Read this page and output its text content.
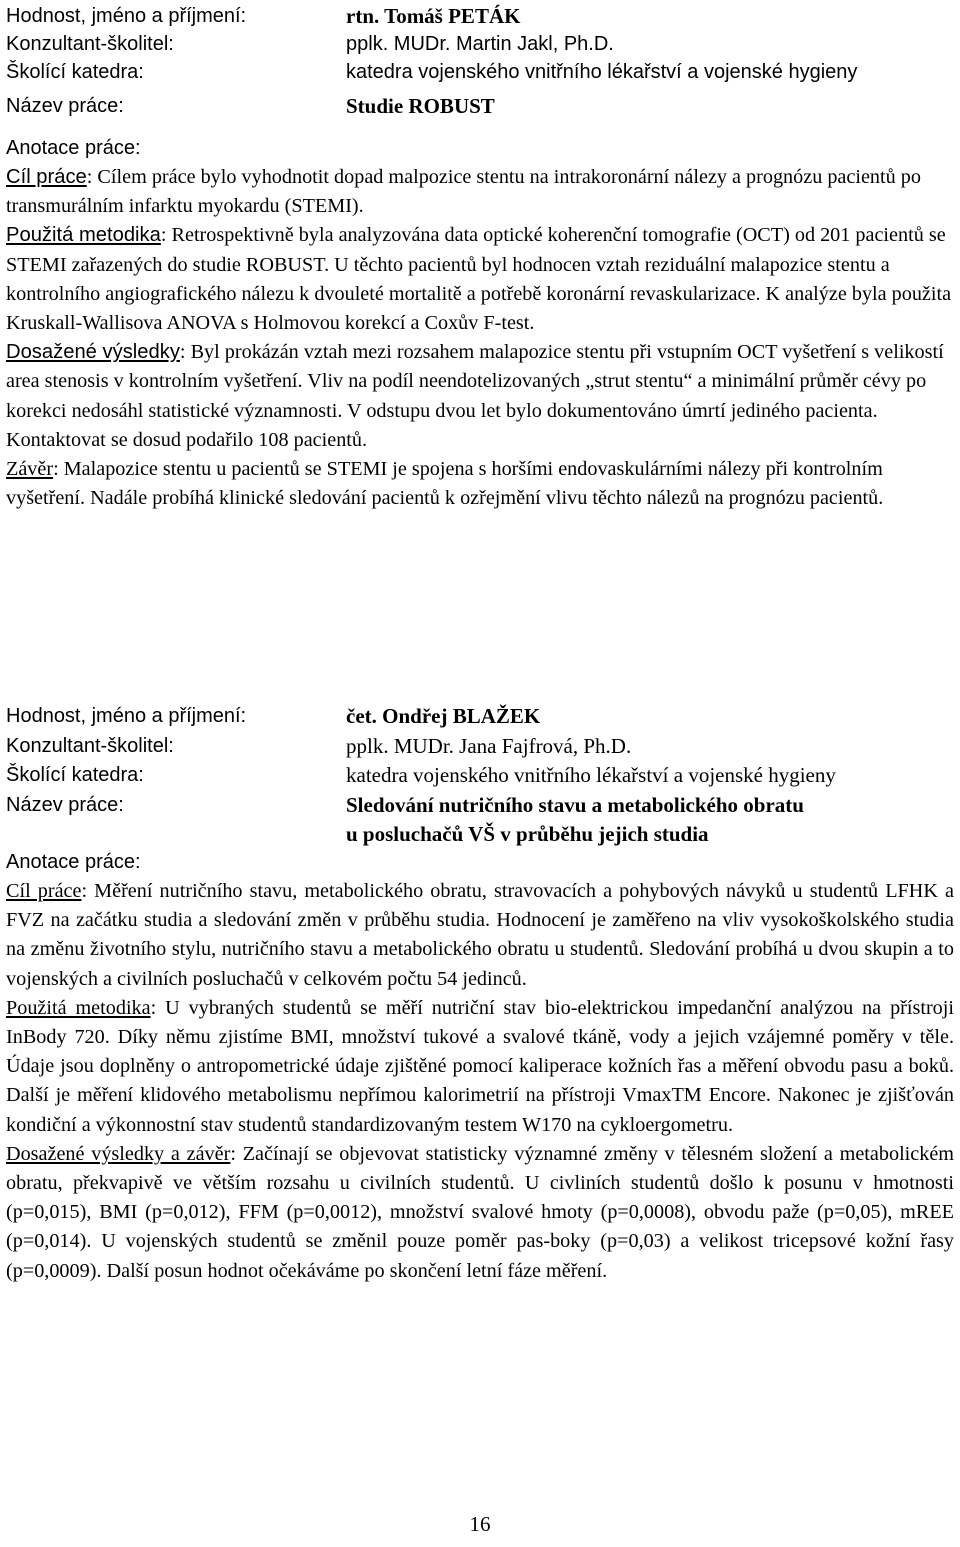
Hodnost, jméno a příjmení:	rtn. Tomáš PETÁK
Konzultant-školitel:	pplk. MUDr. Martin Jakl, Ph.D.
Školící katedra:	katedra vojenského vnitřního lékařství a vojenské hygieny
Název práce:	Studie ROBUST
Anotace práce:
Cíl práce: Cílem práce bylo vyhodnotit dopad malpozice stentu na intrakoronární nálezy a prognózu pacientů po transmurálním infarktu myokardu (STEMI).
Použitá metodika: Retrospektivně byla analyzována data optické koherenční tomografie (OCT) od 201 pacientů se STEMI zařazených do studie ROBUST. U těchto pacientů byl hodnocen vztah reziduální malapozice stentu a kontrolního angiografického nálezu k dvouleté mortalitě a potřebě koronární revaskularizace. K analýze byla použita Kruskall-Wallisova ANOVA s Holmovou korekcí a Coxův F-test.
Dosažené výsledky: Byl prokázán vztah mezi rozsahem malapozice stentu při vstupním OCT vyšetření s velikostí area stenosis v kontrolním vyšetření. Vliv na podíl neendotelizovaných „strut stentu“ a minimální průměr cévy po korekci nedosáhl statistické významnosti. V odstupu dvou let bylo dokumentováno úmrtí jediného pacienta. Kontaktovat se dosud podařilo 108 pacientů.
Závěr: Malapozice stentu u pacientů se STEMI je spojena s horšími endovaskulárními nálezy při kontrolním vyšetření. Nadále probíhá klinické sledování pacientů k ozřejmění vlivu těchto nálezů na prognózu pacientů.
Hodnost, jméno a příjmení:	čet. Ondřej BLAŽEK
Konzultant-školitel:	pplk. MUDr. Jana Fajfrová, Ph.D.
Školící katedra:	katedra vojenského vnitřního lékařství a vojenské hygieny
Název práce:	Sledování nutričního stavu a metabolického obratu
u posluchačů VŠ v průběhu jejich studia
Anotace práce:
Cíl práce: Měření nutričního stavu, metabolického obratu, stravovacích a pohybových návyků u studentů LFHK a FVZ na začátku studia a sledování změn v průběhu studia. Hodnocení je zaměřeno na vliv vysokoškolského studia na změnu životního stylu, nutričního stavu a metabolického obratu u studentů. Sledování probíhá u dvou skupin a to vojenských a civilních posluchačů v celkovém počtu 54 jedinců.
Použitá metodika: U vybraných studentů se měří nutriční stav bio-elektrickou impedanční analýzou na přístroji InBody 720. Díky němu zjistíme BMI, množství tukové a svalové tkáně, vody a jejich vzájemné poměry v těle. Údaje jsou doplněny o antropometrické údaje zjištěné pomocí kaliperace kožních řas a měření obvodu pasu a boků. Další je měření klidového metabolismu nepřímou kalorimetrií na přístroji VmaxTM Encore. Nakonec je zjišťován kondiční a výkonnostní stav studentů standardizovaným testem W170 na cykloergometru.
Dosažené výsledky a závěr: Začínají se objevovat statisticky významné změny v tělesném složení a metabolickém obratu, překvapivě ve větším rozsahu u civilních studentů. U civliních studentů došlo k posunu v hmotnosti (p=0,015), BMI (p=0,012), FFM (p=0,0012), množství svalové hmoty (p=0,0008), obvodu paže (p=0,05), mREE (p=0,014). U vojenských studentů se změnil pouze poměr pas-boky (p=0,03) a velikost tricepsové kožní řasy (p=0,0009). Další posun hodnot očekáváme po skončení letní fáze měření.
16
